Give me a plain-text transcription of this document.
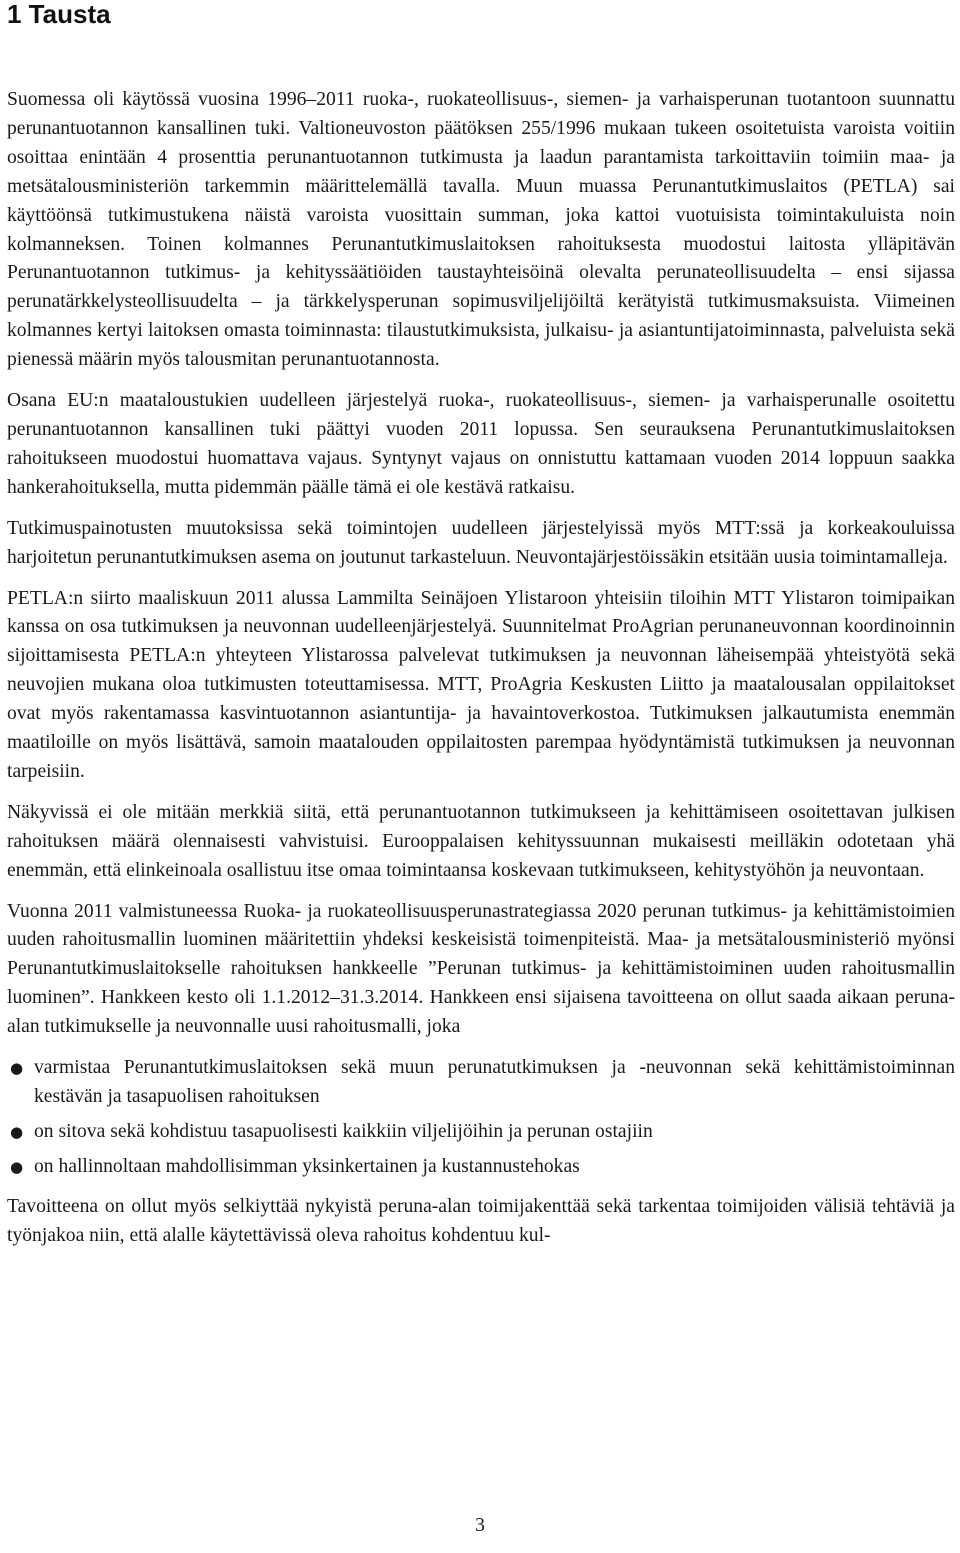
1 Tausta

Suomessa oli käytössä vuosina 1996–2011 ruoka-, ruokateollisuus-, siemen- ja varhaisperunan tuotantoon suunnattu perunantuotannon kansallinen tuki. Valtioneuvoston päätöksen 255/1996 mukaan tukeen osoitetuista varoista voitiin osoittaa enintään 4 prosenttia perunantuotannon tutkimusta ja laadun parantamista tarkoittaviin toimiin maa- ja metsätalousministeriön tarkemmin määrittelemällä tavalla. Muun muassa Perunantutkimuslaitos (PETLA) sai käyttöönsä tutkimustukena näistä varoista vuosittain summan, joka kattoi vuotuisista toimintakuluista noin kolmanneksen. Toinen kolmannes Perunantutkimuslaitoksen rahoituksesta muodostui laitosta ylläpitävän Perunantuotannon tutkimus- ja kehityssäätiöiden taustayhteisöinä olevalta perunateollisuudelta – ensi sijassa perunatärkkelysteollisuudelta – ja tärkkelysperunan sopimusviljelijöiltä kerätyistä tutkimusmaksuista. Viimeinen kolmannes kertyi laitoksen omasta toiminnasta: tilaustutkimuksista, julkaisu- ja asiantuntijatoiminnasta, palveluista sekä pienessä määrin myös talousmitan perunantuotannosta.

Osana EU:n maataloustukien uudelleen järjestelyä ruoka-, ruokateollisuus-, siemen- ja varhaisperunalle osoitettu perunantuotannon kansallinen tuki päättyi vuoden 2011 lopussa. Sen seurauksena Perunantutkimuslaitoksen rahoitukseen muodostui huomattava vajaus. Syntynyt vajaus on onnistuttu kattamaan vuoden 2014 loppuun saakka hankerahoituksella, mutta pidemmän päälle tämä ei ole kestävä ratkaisu.

Tutkimuspainotusten muutoksissa sekä toimintojen uudelleen järjestelyissä myös MTT:ssä ja korkeakouluissa harjoitetun perunantutkimuksen asema on joutunut tarkasteluun. Neuvontajärjestöissäkin etsitään uusia toimintamalleja.

PETLA:n siirto maaliskuun 2011 alussa Lammilta Seinäjoen Ylistaroon yhteisiin tiloihin MTT Ylistaron toimipaikan kanssa on osa tutkimuksen ja neuvonnan uudelleenjärjestelyä. Suunnitelmat ProAgrian perunaneuvonnan koordinoinnin sijoittamisesta PETLA:n yhteyteen Ylistarossa palvelevat tutkimuksen ja neuvonnan läheisempää yhteistyötä sekä neuvojien mukana oloa tutkimusten toteuttamisessa. MTT, ProAgria Keskusten Liitto ja maatalousalan oppilaitokset ovat myös rakentamassa kasvintuotannon asiantuntija- ja havaintoverkostoa. Tutkimuksen jalkautumista enemmän maatiloille on myös lisättävä, samoin maatalouden oppilaitosten parempaa hyödyntämistä tutkimuksen ja neuvonnan tarpeisiin.

Näkyvissä ei ole mitään merkkiä siitä, että perunantuotannon tutkimukseen ja kehittämiseen osoitettavan julkisen rahoituksen määrä olennaisesti vahvistuisi. Eurooppalaisen kehityssuunnan mukaisesti meilläkin odotetaan yhä enemmän, että elinkeinoala osallistuu itse omaa toimintaansa koskevaan tutkimukseen, kehitystyöhön ja neuvontaan.

Vuonna 2011 valmistuneessa Ruoka- ja ruokateollisuusperunastrategiassa 2020 perunan tutkimus- ja kehittämistoimien uuden rahoitusmallin luominen määritettiin yhdeksi keskeisistä toimenpiteistä. Maa- ja metsätalousministeriö myönsi Perunantutkimuslaitokselle rahoituksen hankkeelle ”Perunan tutkimus- ja kehittämistoiminen uuden rahoitusmallin luominen”. Hankkeen kesto oli 1.1.2012–31.3.2014. Hankkeen ensi sijaisena tavoitteena on ollut saada aikaan peruna-alan tutkimukselle ja neuvonnalle uusi rahoitusmalli, joka

● varmistaa Perunantutkimuslaitoksen sekä muun perunatutkimuksen ja -neuvonnan sekä kehittämistoiminnan kestävän ja tasapuolisen rahoituksen
● on sitova sekä kohdistuu tasapuolisesti kaikkiin viljelijöihin ja perunan ostajiin
● on hallinnoltaan mahdollisimman yksinkertainen ja kustannustehokas

Tavoitteena on ollut myös selkiyttää nykyistä peruna-alan toimijakenttää sekä tarkentaa toimijoiden välisiä tehtäviä ja työnjakoa niin, että alalle käytettävissä oleva rahoitus kohdentuu kul-

3
